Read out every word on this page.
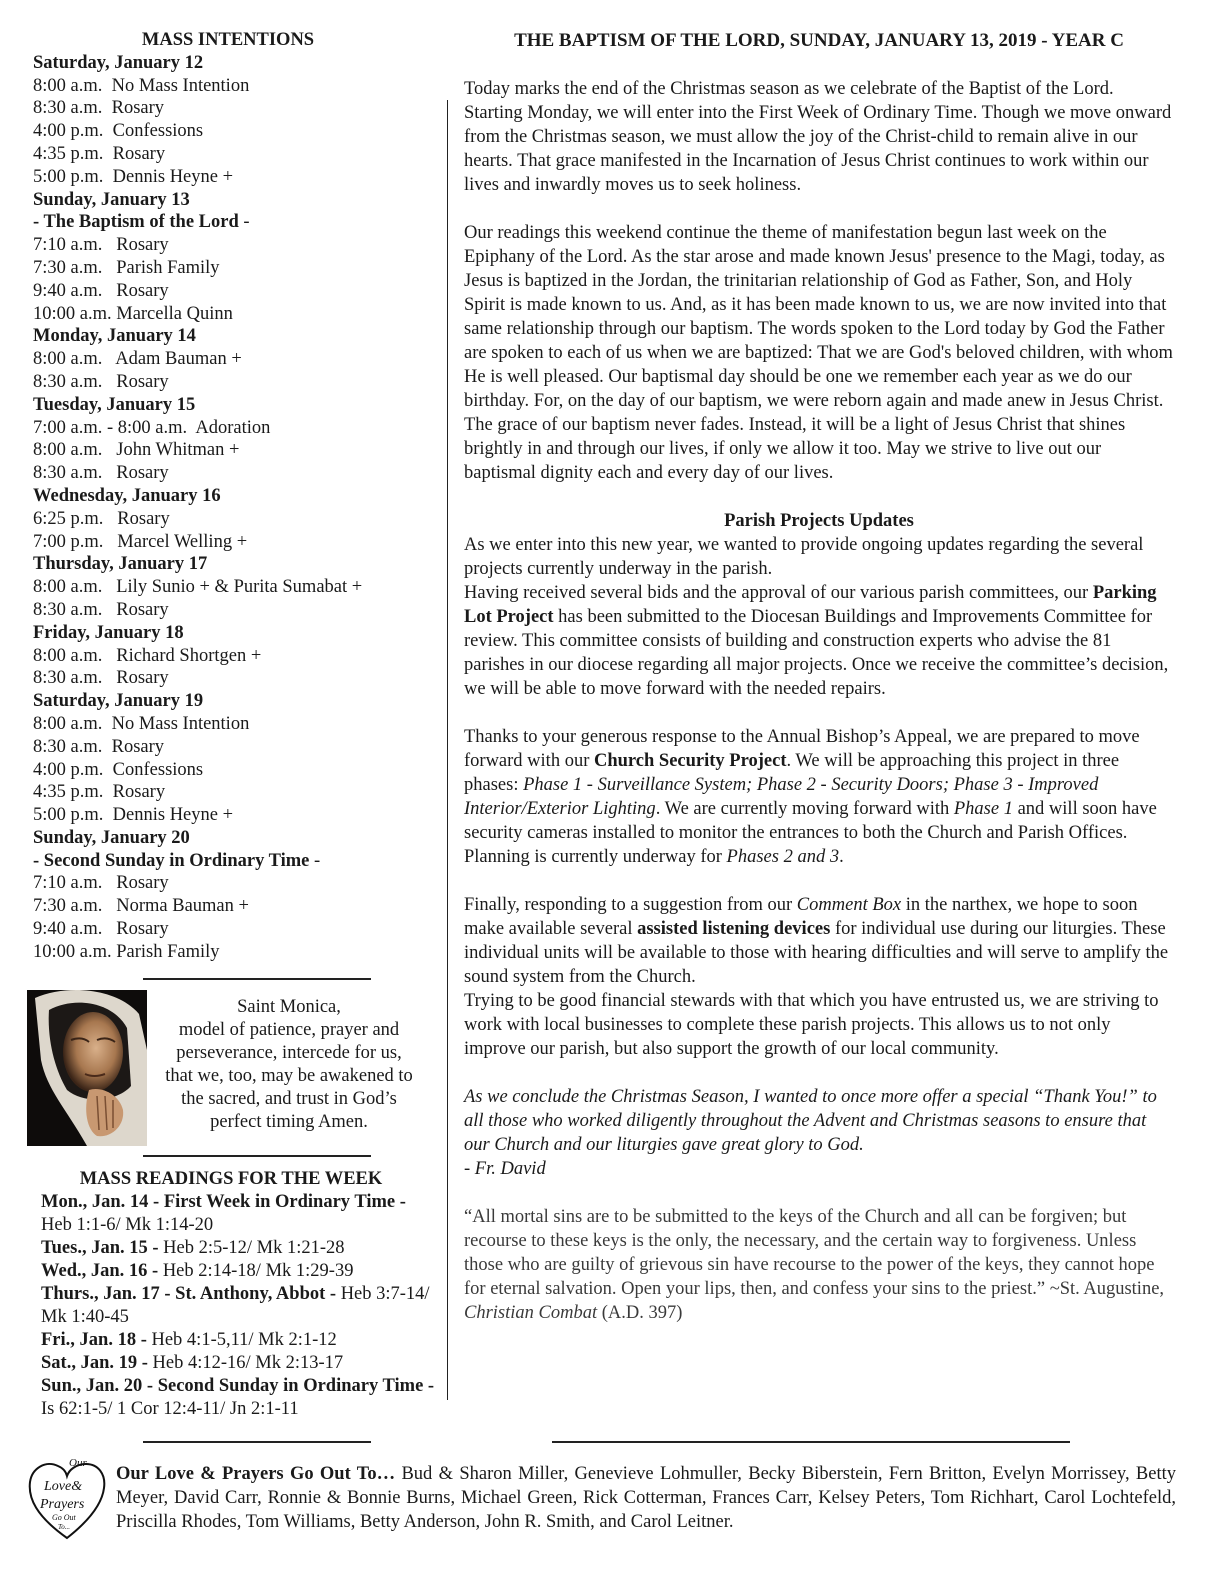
MASS INTENTIONS
Saturday, January 12
8:00 a.m.  No Mass Intention
8:30 a.m.  Rosary
4:00 p.m.  Confessions
4:35 p.m.  Rosary
5:00 p.m.  Dennis Heyne +
Sunday, January 13
- The Baptism of the Lord -
7:10 a.m.   Rosary
7:30 a.m.   Parish Family
9:40 a.m.   Rosary
10:00 a.m. Marcella Quinn
Monday, January 14
8:00 a.m.   Adam Bauman +
8:30 a.m.   Rosary
Tuesday, January 15
7:00 a.m. - 8:00 a.m.  Adoration
8:00 a.m.   John Whitman +
8:30 a.m.   Rosary
Wednesday, January 16
6:25 p.m.   Rosary
7:00 p.m.   Marcel Welling +
Thursday, January 17
8:00 a.m.   Lily Sunio + & Purita Sumabat +
8:30 a.m.   Rosary
Friday, January 18
8:00 a.m.   Richard Shortgen +
8:30 a.m.   Rosary
Saturday, January 19
8:00 a.m.  No Mass Intention
8:30 a.m.  Rosary
4:00 p.m.  Confessions
4:35 p.m.  Rosary
5:00 p.m.  Dennis Heyne +
Sunday, January 20
- Second Sunday in Ordinary Time -
7:10 a.m.   Rosary
7:30 a.m.   Norma Bauman +
9:40 a.m.   Rosary
10:00 a.m. Parish Family
Saint Monica,
model of patience, prayer and
perseverance, intercede for us,
that we, too, may be awakened to
the sacred, and trust in God’s
perfect timing Amen.
MASS READINGS FOR THE WEEK
Mon., Jan. 14 - First Week in Ordinary Time - Heb 1:1-6/ Mk 1:14-20
Tues., Jan. 15 - Heb 2:5-12/ Mk 1:21-28
Wed., Jan. 16 - Heb 2:14-18/ Mk 1:29-39
Thurs., Jan. 17 - St. Anthony, Abbot - Heb 3:7-14/ Mk 1:40-45
Fri., Jan. 18 - Heb 4:1-5,11/ Mk 2:1-12
Sat., Jan. 19 - Heb 4:12-16/ Mk 2:13-17
Sun., Jan. 20 - Second Sunday in Ordinary Time - Is 62:1-5/ 1 Cor 12:4-11/ Jn 2:1-11
THE BAPTISM OF THE LORD, SUNDAY, JANUARY 13, 2019 - YEAR C

Today marks the end of the Christmas season as we celebrate of the Baptist of the Lord. Starting Monday, we will enter into the First Week of Ordinary Time. Though we move onward from the Christmas season, we must allow the joy of the Christ-child to remain alive in our hearts. That grace manifested in the Incarnation of Jesus Christ continues to work within our lives and inwardly moves us to seek holiness.

Our readings this weekend continue the theme of manifestation begun last week on the Epiphany of the Lord. As the star arose and made known Jesus' presence to the Magi, today, as Jesus is baptized in the Jordan, the trinitarian relationship of God as Father, Son, and Holy Spirit is made known to us. And, as it has been made known to us, we are now invited into that same relationship through our baptism. The words spoken to the Lord today by God the Father are spoken to each of us when we are baptized: That we are God's beloved children, with whom He is well pleased. Our baptismal day should be one we remember each year as we do our birthday. For, on the day of our baptism, we were reborn again and made anew in Jesus Christ. The grace of our baptism never fades. Instead, it will be a light of Jesus Christ that shines brightly in and through our lives, if only we allow it too. May we strive to live out our baptismal dignity each and every day of our lives.

Parish Projects Updates

As we enter into this new year, we wanted to provide ongoing updates regarding the several projects currently underway in the parish.

Having received several bids and the approval of our various parish committees, our Parking Lot Project has been submitted to the Diocesan Buildings and Improvements Committee for review. This committee consists of building and construction experts who advise the 81 parishes in our diocese regarding all major projects. Once we receive the committee’s decision, we will be able to move forward with the needed repairs.

Thanks to your generous response to the Annual Bishop’s Appeal, we are prepared to move forward with our Church Security Project. We will be approaching this project in three phases: Phase 1 - Surveillance System; Phase 2 - Security Doors; Phase 3 - Improved Interior/Exterior Lighting. We are currently moving forward with Phase 1 and will soon have security cameras installed to monitor the entrances to both the Church and Parish Offices. Planning is currently underway for Phases 2 and 3.

Finally, responding to a suggestion from our Comment Box in the narthex, we hope to soon make available several assisted listening devices for individual use during our liturgies. These individual units will be available to those with hearing difficulties and will serve to amplify the sound system from the Church.

Trying to be good financial stewards with that which you have entrusted us, we are striving to work with local businesses to complete these parish projects. This allows us to not only improve our parish, but also support the growth of our local community.

As we conclude the Christmas Season, I wanted to once more offer a special “Thank You!” to all those who worked diligently throughout the Advent and Christmas seasons to ensure that our Church and our liturgies gave great glory to God.
- Fr. David

“All mortal sins are to be submitted to the keys of the Church and all can be forgiven; but recourse to these keys is the only, the necessary, and the certain way to forgiveness. Unless those who are guilty of grievous sin have recourse to the power of the keys, they cannot hope for eternal salvation. Open your lips, then, and confess your sins to the priest.” ~St. Augustine, Christian Combat (A.D. 397)

Our
Love&
Prayers
Go Out
To...
Our Love & Prayers Go Out To… Bud & Sharon Miller, Genevieve Lohmuller, Becky Biberstein, Fern Britton, Evelyn Morrissey, Betty Meyer, David Carr, Ronnie & Bonnie Burns, Michael Green, Rick Cotterman, Frances Carr, Kelsey Peters, Tom Richhart, Carol Lochtefeld, Priscilla Rhodes, Tom Williams, Betty Anderson, John R. Smith, and Carol Leitner.
